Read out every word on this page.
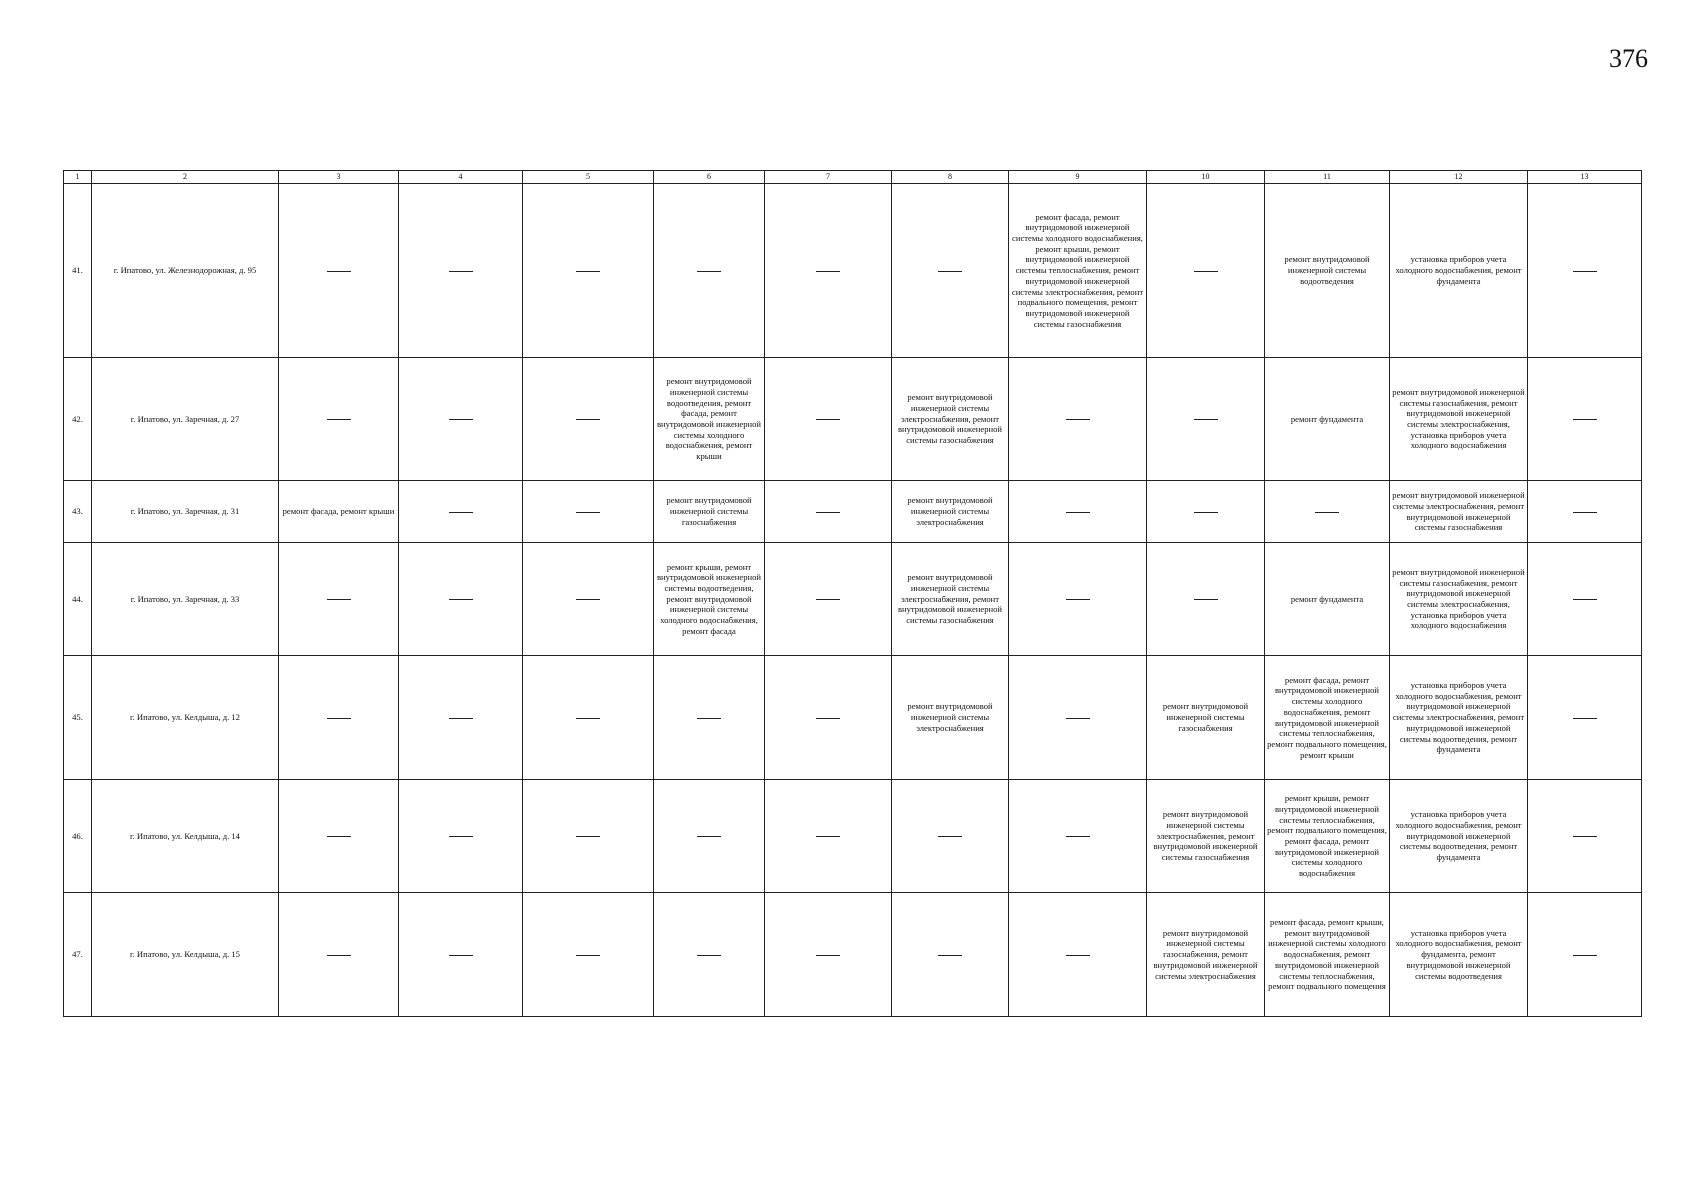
376
1	2	3	4	5	6	7	8	9	10	11	12	13
41.	г. Ипатово, ул. Железнодорожная, д. 95							ремонт фасада, ремонт внутридомовой инженерной системы холодного водоснабжения, ремонт крыши, ремонт внутридомовой инженерной системы теплоснабжения, ремонт внутридомовой инженерной системы электроснабжения, ремонт подвального помещения, ремонт внутридомовой инженерной системы газоснабжения		ремонт внутридомовой инженерной системы водоотведения	установка приборов учета холодного водоснабжения, ремонт фундамента	
42.	г. Ипатово, ул. Заречная, д. 27				ремонт внутридомовой инженерной системы водоотведения, ремонт фасада, ремонт внутридомовой инженерной системы холодного водоснабжения, ремонт крыши		ремонт внутридомовой инженерной системы электроснабжения, ремонт внутридомовой инженерной системы газоснабжения			ремонт фундамента	ремонт внутридомовой инженерной системы газоснабжения, ремонт внутридомовой инженерной системы электроснабжения, установка приборов учета холодного водоснабжения	
43.	г. Ипатово, ул. Заречная, д. 31	ремонт фасада, ремонт крыши			ремонт внутридомовой инженерной системы газоснабжения		ремонт внутридомовой инженерной системы электроснабжения				ремонт внутридомовой инженерной системы электроснабжения, ремонт внутридомовой инженерной системы газоснабжения	
44.	г. Ипатово, ул. Заречная, д. 33				ремонт крыши, ремонт внутридомовой инженерной системы водоотведения, ремонт внутридомовой инженерной системы холодного водоснабжения, ремонт фасада		ремонт внутридомовой инженерной системы электроснабжения, ремонт внутридомовой инженерной системы газоснабжения			ремонт фундамента	ремонт внутридомовой инженерной системы газоснабжения, ремонт внутридомовой инженерной системы электроснабжения, установка приборов учета холодного водоснабжения	
45.	г. Ипатово, ул. Келдыша, д. 12						ремонт внутридомовой инженерной системы электроснабжения		ремонт внутридомовой инженерной системы газоснабжения	ремонт фасада, ремонт внутридомовой инженерной системы холодного водоснабжения, ремонт внутридомовой инженерной системы теплоснабжения, ремонт подвального помещения, ремонт крыши	установка приборов учета холодного водоснабжения, ремонт внутридомовой инженерной системы электроснабжения, ремонт внутридомовой инженерной системы водоотведения, ремонт фундамента	
46.	г. Ипатово, ул. Келдыша, д. 14								ремонт внутридомовой инженерной системы электроснабжения, ремонт внутридомовой инженерной системы газоснабжения	ремонт крыши, ремонт внутридомовой инженерной системы теплоснабжения, ремонт подвального помещения, ремонт фасада, ремонт внутридомовой инженерной системы холодного водоснабжения	установка приборов учета холодного водоснабжения, ремонт внутридомовой инженерной системы водоотведения, ремонт фундамента	
47.	г. Ипатово, ул. Келдыша, д. 15								ремонт внутридомовой инженерной системы газоснабжения, ремонт внутридомовой инженерной системы электроснабжения	ремонт фасада, ремонт крыши, ремонт внутридомовой инженерной системы холодного водоснабжения, ремонт внутридомовой инженерной системы теплоснабжения, ремонт подвального помещения	установка приборов учета холодного водоснабжения, ремонт фундамента, ремонт внутридомовой инженерной системы водоотведения	
